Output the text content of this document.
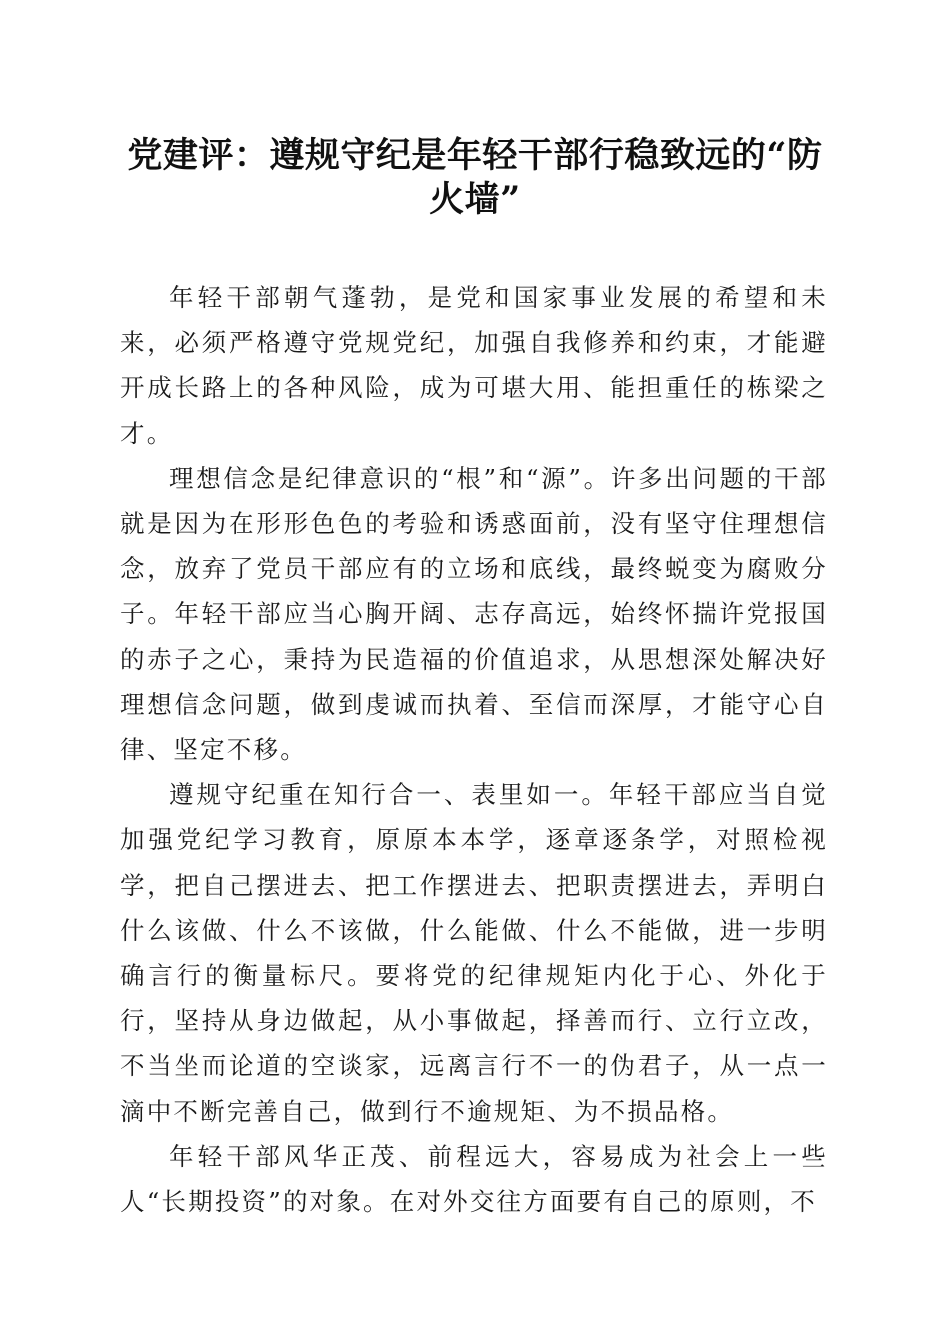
党建评：遵规守纪是年轻干部行稳致远的“防火墙”

年轻干部朝气蓬勃，是党和国家事业发展的希望和未来，必须严格遵守党规党纪，加强自我修养和约束，才能避开成长路上的各种风险，成为可堪大用、能担重任的栋梁之才。

理想信念是纪律意识的“根”和“源”。许多出问题的干部就是因为在形形色色的考验和诱惑面前，没有坚守住理想信念，放弃了党员干部应有的立场和底线，最终蜕变为腐败分子。年轻干部应当心胸开阔、志存高远，始终怀揣许党报国的赤子之心，秉持为民造福的价值追求，从思想深处解决好理想信念问题，做到虔诚而执着、至信而深厚，才能守心自律、坚定不移。

遵规守纪重在知行合一、表里如一。年轻干部应当自觉加强党纪学习教育，原原本本学，逐章逐条学，对照检视学，把自己摆进去、把工作摆进去、把职责摆进去，弄明白什么该做、什么不该做，什么能做、什么不能做，进一步明确言行的衡量标尺。要将党的纪律规矩内化于心、外化于行，坚持从身边做起，从小事做起，择善而行、立行立改，不当坐而论道的空谈家，远离言行不一的伪君子，从一点一滴中不断完善自己，做到行不逾规矩、为不损品格。

年轻干部风华正茂、前程远大，容易成为社会上一些人“长期投资”的对象。在对外交往方面要有自己的原则，不
